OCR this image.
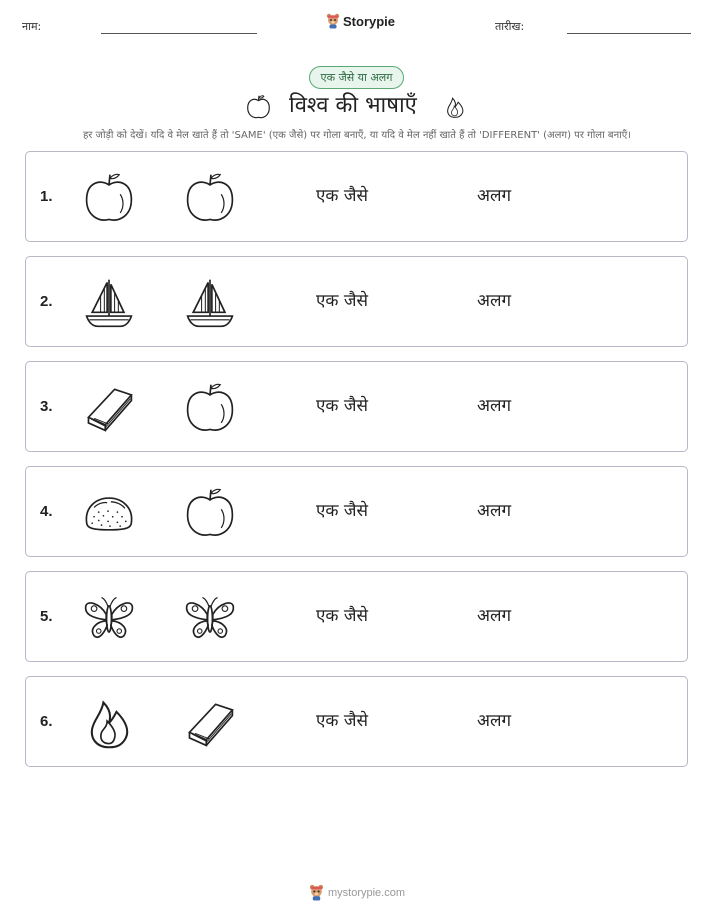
नाम:	Storypie	तारीख:
एक जैसे या अलग
विश्व की भाषाएँ
हर जोड़ी को देखें। यदि वे मेल खाते हैं तो 'SAME' (एक जैसे) पर गोला बनाएँ, या यदि वे मेल नहीं खाते हैं तो 'DIFFERENT' (अलग) पर गोला बनाएँ।
1.	एक जैसे	अलग
2.	एक जैसे	अलग
3.	एक जैसे	अलग
4.	एक जैसे	अलग
5.	एक जैसे	अलग
6.	एक जैसे	अलग
mystorypie.com
